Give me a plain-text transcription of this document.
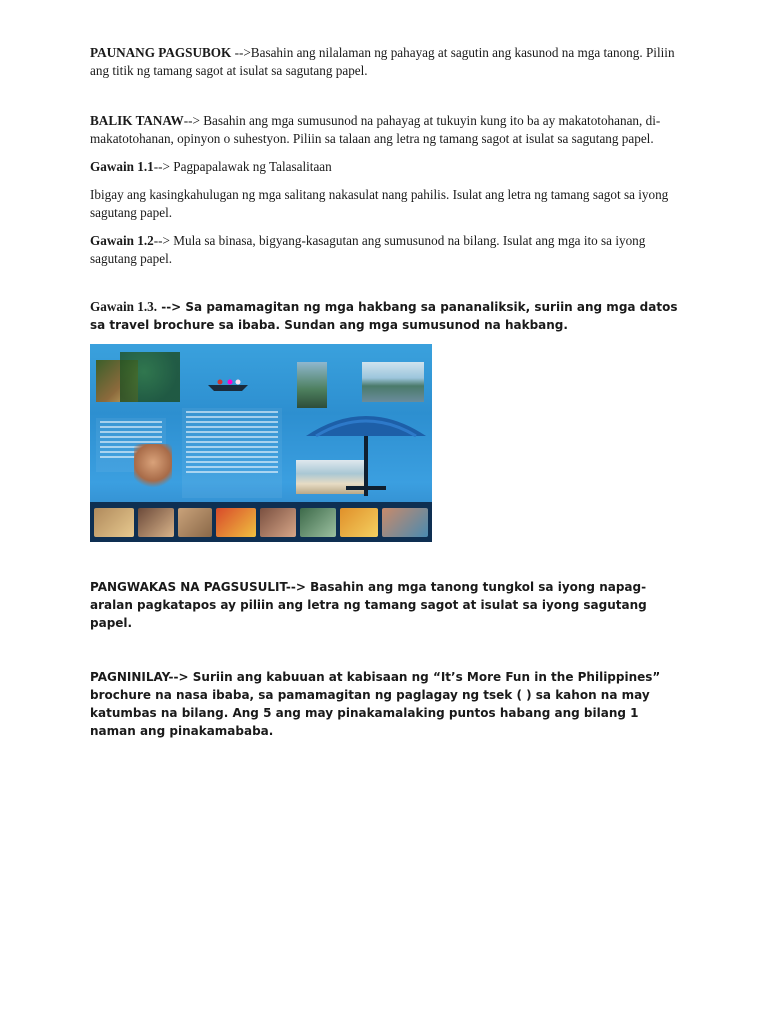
PAUNANG PAGSUBOK -->Basahin ang nilalaman ng pahayag at sagutin ang kasunod na mga tanong. Piliin ang titik ng tamang sagot at isulat sa sagutang papel.

BALIK TANAW--> Basahin ang mga sumusunod na pahayag at tukuyin kung ito ba ay makatotohanan, di-makatotohanan, opinyon o suhestyon. Piliin sa talaan ang letra ng tamang sagot at isulat sa sagutang papel.

Gawain 1.1--> Pagpapalawak ng Talasalitaan

Ibigay ang kasingkahulugan ng mga salitang nakasulat nang pahilis. Isulat ang letra ng tamang sagot sa iyong sagutang papel.

Gawain 1.2--> Mula sa binasa, bigyang-kasagutan ang sumusunod na bilang. Isulat ang mga ito sa iyong sagutang papel.

Gawain 1.3. --> Sa pamamagitan ng mga hakbang sa pananaliksik, suriin ang mga datos sa travel brochure sa ibaba. Sundan ang mga sumusunod na hakbang.

PANGWAKAS NA PAGSUSULIT--> Basahin ang mga tanong tungkol sa iyong napag-aralan pagkatapos ay piliin ang letra ng tamang sagot at isulat sa iyong sagutang papel.

PAGNINILAY--> Suriin ang kabuuan at kabisaan ng “It’s More Fun in the Philippines” brochure na nasa ibaba, sa pamamagitan ng paglagay ng tsek ( ) sa kahon na may katumbas na bilang. Ang 5 ang may pinakamalaking puntos habang ang bilang 1 naman ang pinakamababa.
